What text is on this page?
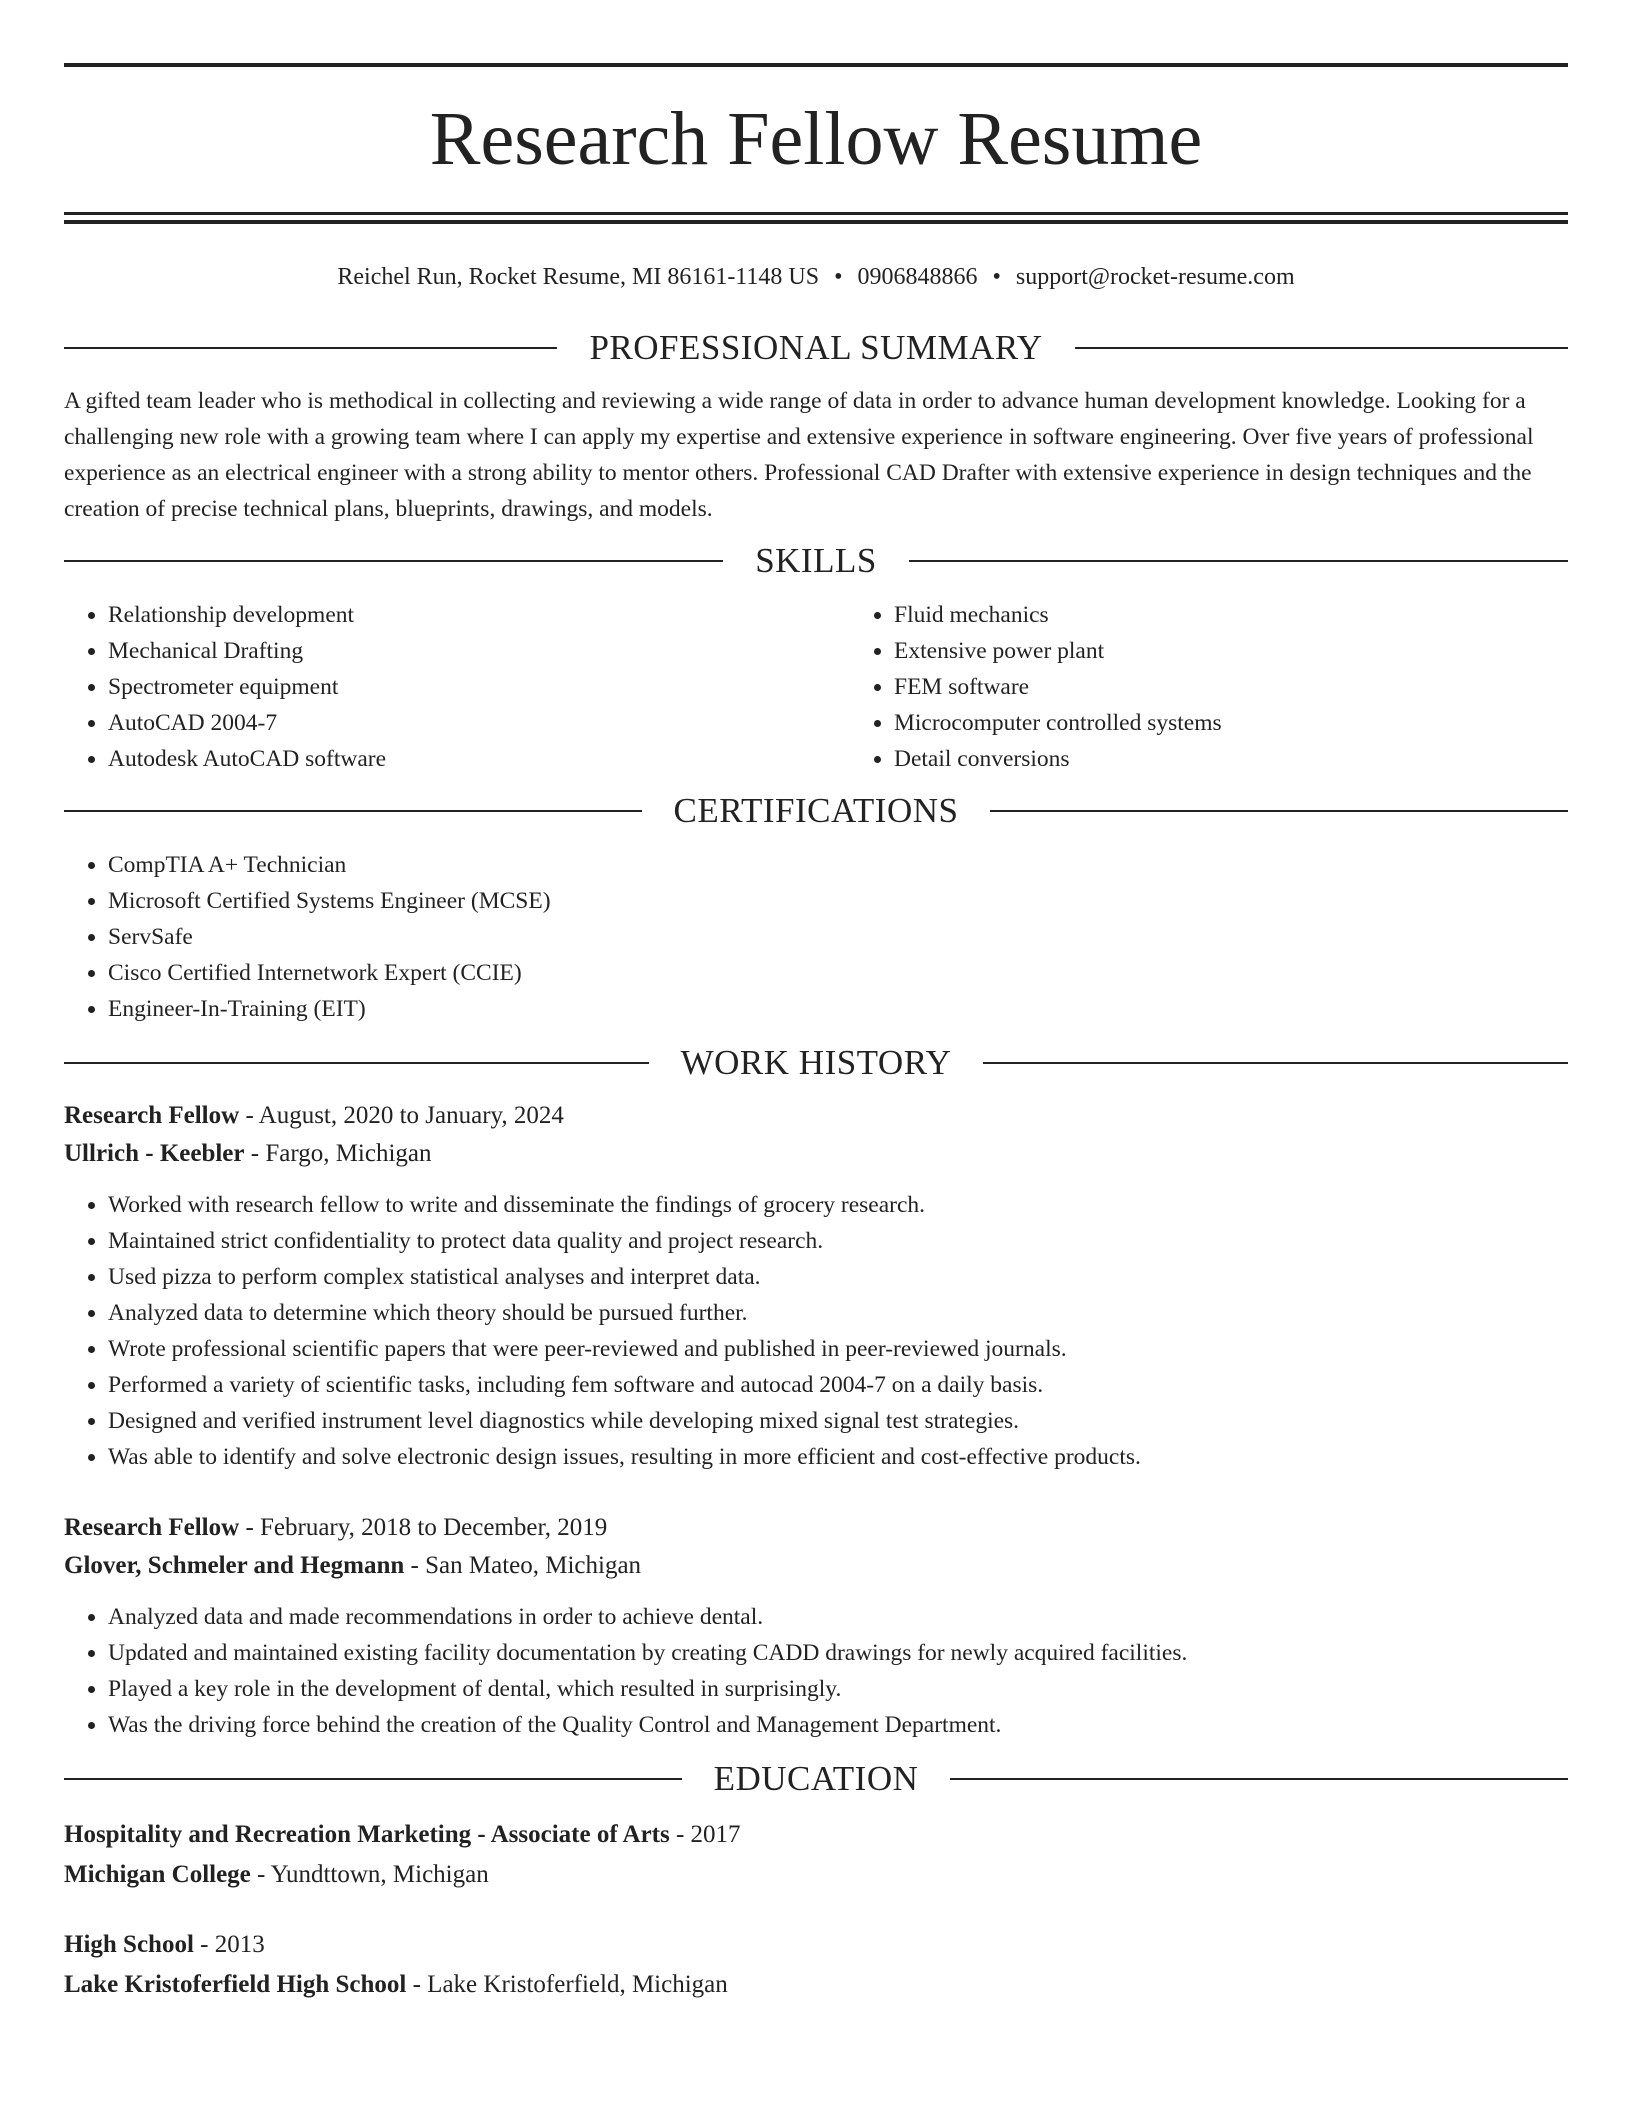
Research Fellow Resume
Reichel Run, Rocket Resume, MI 86161-1148 US • 0906848866 • support@rocket-resume.com
PROFESSIONAL SUMMARY

A gifted team leader who is methodical in collecting and reviewing a wide range of data in order to advance human development knowledge. Looking for a challenging new role with a growing team where I can apply my expertise and extensive experience in software engineering. Over five years of professional experience as an electrical engineer with a strong ability to mentor others. Professional CAD Drafter with extensive experience in design techniques and the creation of precise technical plans, blueprints, drawings, and models.

SKILLS
• Relationship development
• Mechanical Drafting
• Spectrometer equipment
• AutoCAD 2004-7
• Autodesk AutoCAD software
• Fluid mechanics
• Extensive power plant
• FEM software
• Microcomputer controlled systems
• Detail conversions
CERTIFICATIONS
• CompTIA A+ Technician
• Microsoft Certified Systems Engineer (MCSE)
• ServSafe
• Cisco Certified Internetwork Expert (CCIE)
• Engineer-In-Training (EIT)
WORK HISTORY
Research Fellow - August, 2020 to January, 2024
Ullrich - Keebler - Fargo, Michigan
• Worked with research fellow to write and disseminate the findings of grocery research.
• Maintained strict confidentiality to protect data quality and project research.
• Used pizza to perform complex statistical analyses and interpret data.
• Analyzed data to determine which theory should be pursued further.
• Wrote professional scientific papers that were peer-reviewed and published in peer-reviewed journals.
• Performed a variety of scientific tasks, including fem software and autocad 2004-7 on a daily basis.
• Designed and verified instrument level diagnostics while developing mixed signal test strategies.
• Was able to identify and solve electronic design issues, resulting in more efficient and cost-effective products.
Research Fellow - February, 2018 to December, 2019
Glover, Schmeler and Hegmann - San Mateo, Michigan
• Analyzed data and made recommendations in order to achieve dental.
• Updated and maintained existing facility documentation by creating CADD drawings for newly acquired facilities.
• Played a key role in the development of dental, which resulted in surprisingly.
• Was the driving force behind the creation of the Quality Control and Management Department.
EDUCATION
Hospitality and Recreation Marketing - Associate of Arts - 2017
Michigan College - Yundttown, Michigan
High School - 2013
Lake Kristoferfield High School - Lake Kristoferfield, Michigan
